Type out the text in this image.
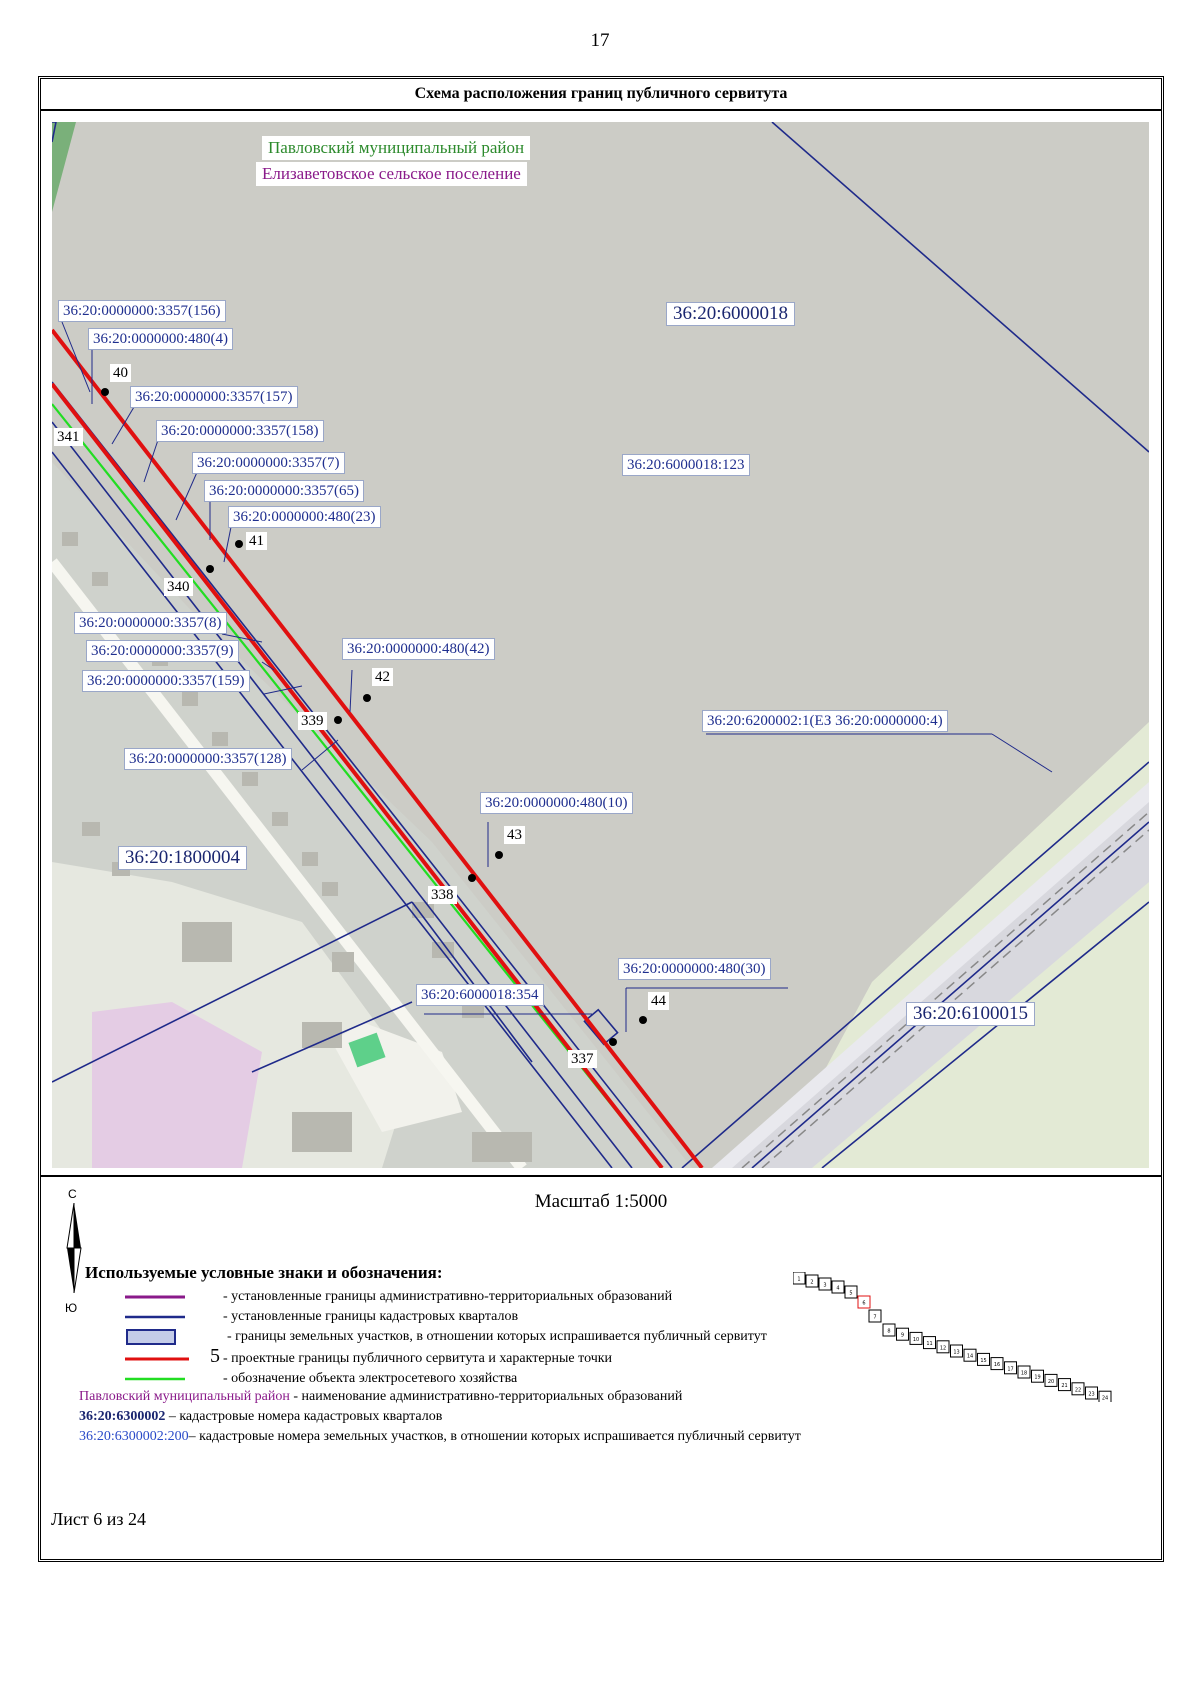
17
Схема расположения границ публичного сервитута
Павловский муниципальный район
Елизаветовское сельское поселение
36:20:6000018
36:20:1800004
36:20:6100015
36:20:0000000:3357(156)
36:20:0000000:480(4)
36:20:0000000:3357(157)
36:20:0000000:3357(158)
36:20:0000000:3357(7)
36:20:0000000:3357(65)
36:20:0000000:480(23)
36:20:6000018:123
36:20:0000000:3357(8)
36:20:0000000:3357(9)	36:20:0000000:480(42)
36:20:0000000:3357(159)
36:20:6200002:1(ЕЗ 36:20:0000000:4)
36:20:0000000:3357(128)
36:20:0000000:480(10)
36:20:0000000:480(30)
36:20:6000018:354
40
341
41
340
42
339
43
338
44
337
Масштаб 1:5000
С
Ю
Используемые условные знаки и обозначения:
- установленные границы административно-территориальных образований
- установленные границы кадастровых кварталов
- границы земельных участков, в отношении которых испрашивается публичный сервитут
5 - проектные границы публичного сервитута и характерные точки
- обозначение объекта электросетевого хозяйства
Павловский муниципальный район - наименование административно-территориальных образований
36:20:6300002 – кадастровые номера кадастровых кварталов
36:20:6300002:200– кадастровые номера земельных участков, в отношении которых испрашивается публичный сервитут
1 2 3 4
5
6
7
8
9
10
11
12
13
14
15
16
17
18
19
20
21
22
23
24
Лист 6 из 24
